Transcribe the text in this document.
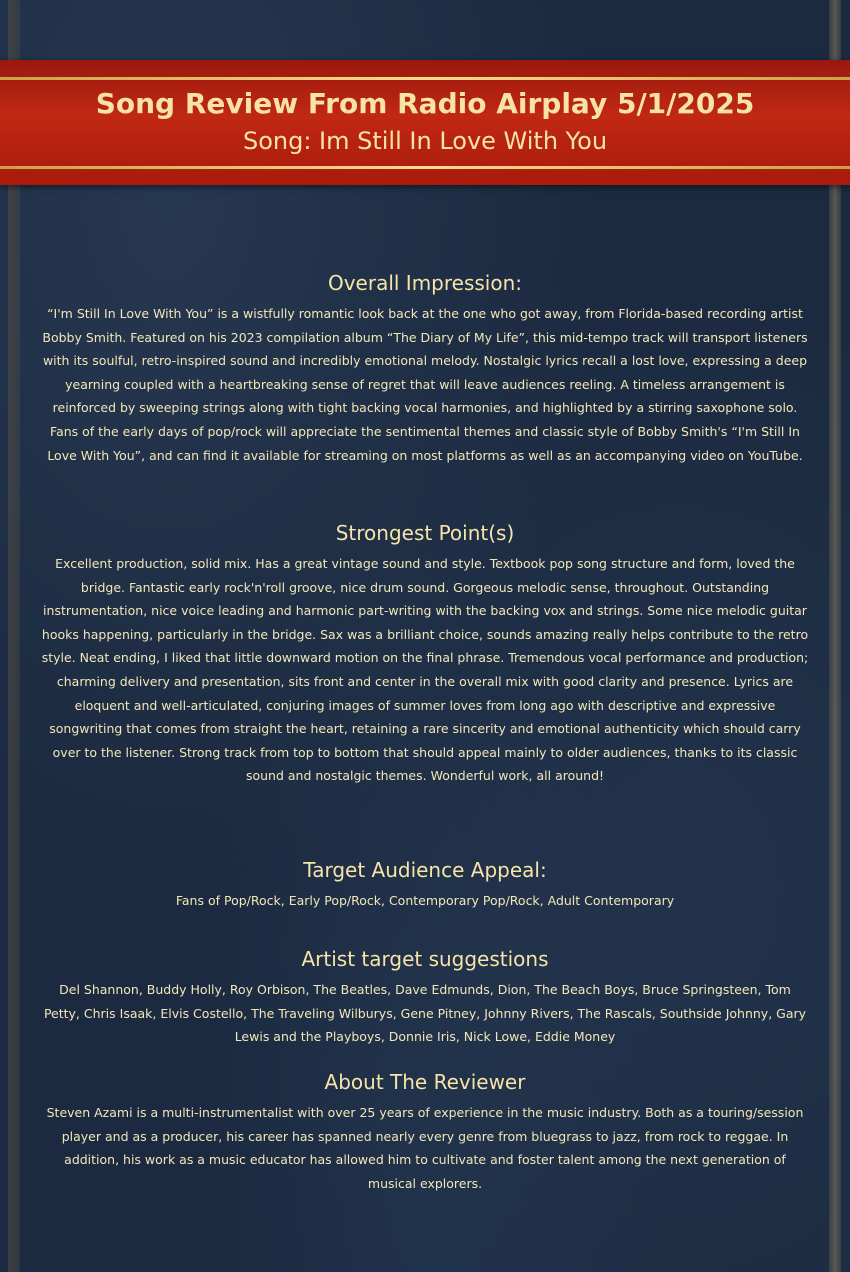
Song Review From Radio Airplay 5/1/2025
Song: Im Still In Love With You
Overall Impression:

“I'm Still In Love With You” is a wistfully romantic look back at the one who got away, from Florida-based recording artist Bobby Smith. Featured on his 2023 compilation album “The Diary of My Life”, this mid-tempo track will transport listeners with its soulful, retro-inspired sound and incredibly emotional melody. Nostalgic lyrics recall a lost love, expressing a deep yearning coupled with a heartbreaking sense of regret that will leave audiences reeling. A timeless arrangement is reinforced by sweeping strings along with tight backing vocal harmonies, and highlighted by a stirring saxophone solo. Fans of the early days of pop/rock will appreciate the sentimental themes and classic style of Bobby Smith's “I'm Still In Love With You”, and can find it available for streaming on most platforms as well as an accompanying video on YouTube.

Strongest Point(s)

Excellent production, solid mix. Has a great vintage sound and style. Textbook pop song structure and form, loved the bridge. Fantastic early rock'n'roll groove, nice drum sound. Gorgeous melodic sense, throughout. Outstanding instrumentation, nice voice leading and harmonic part-writing with the backing vox and strings. Some nice melodic guitar hooks happening, particularly in the bridge. Sax was a brilliant choice, sounds amazing really helps contribute to the retro style. Neat ending, I liked that little downward motion on the final phrase. Tremendous vocal performance and production; charming delivery and presentation, sits front and center in the overall mix with good clarity and presence. Lyrics are eloquent and well-articulated, conjuring images of summer loves from long ago with descriptive and expressive songwriting that comes from straight the heart, retaining a rare sincerity and emotional authenticity which should carry over to the listener. Strong track from top to bottom that should appeal mainly to older audiences, thanks to its classic sound and nostalgic themes. Wonderful work, all around!

Target Audience Appeal:

Fans of Pop/Rock, Early Pop/Rock, Contemporary Pop/Rock, Adult Contemporary

Artist target suggestions

Del Shannon, Buddy Holly, Roy Orbison, The Beatles, Dave Edmunds, Dion, The Beach Boys, Bruce Springsteen, Tom Petty, Chris Isaak, Elvis Costello, The Traveling Wilburys, Gene Pitney, Johnny Rivers, The Rascals, Southside Johnny, Gary Lewis and the Playboys, Donnie Iris, Nick Lowe, Eddie Money

About The Reviewer

Steven Azami is a multi-instrumentalist with over 25 years of experience in the music industry. Both as a touring/session player and as a producer, his career has spanned nearly every genre from bluegrass to jazz, from rock to reggae. In addition, his work as a music educator has allowed him to cultivate and foster talent among the next generation of musical explorers.
